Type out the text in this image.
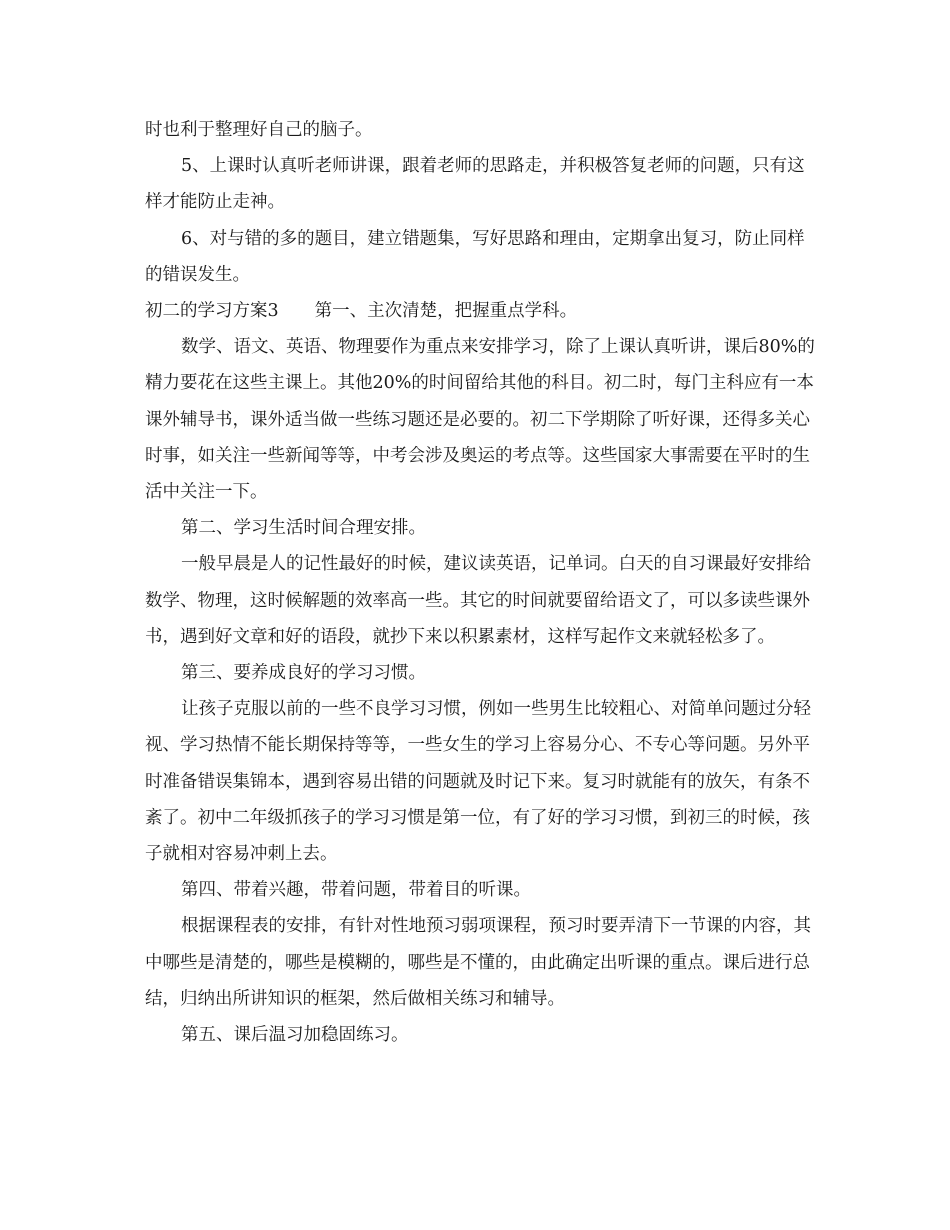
时也利于整理好自己的脑子。

5、上课时认真听老师讲课，跟着老师的思路走，并积极答复老师的问题，只有这样才能防止走神。

6、对与错的多的题目，建立错题集，写好思路和理由，定期拿出复习，防止同样的错误发生。

初二的学习方案3 第一、主次清楚，把握重点学科。

数学、语文、英语、物理要作为重点来安排学习，除了上课认真听讲，课后80%的精力要花在这些主课上。其他20%的时间留给其他的科目。初二时，每门主科应有一本课外辅导书，课外适当做一些练习题还是必要的。初二下学期除了听好课，还得多关心时事，如关注一些新闻等等，中考会涉及奥运的考点等。这些国家大事需要在平时的生活中关注一下。

第二、学习生活时间合理安排。

一般早晨是人的记性最好的时候，建议读英语，记单词。白天的自习课最好安排给数学、物理，这时候解题的效率高一些。其它的时间就要留给语文了，可以多读些课外书，遇到好文章和好的语段，就抄下来以积累素材，这样写起作文来就轻松多了。

第三、要养成良好的学习习惯。

让孩子克服以前的一些不良学习习惯，例如一些男生比较粗心、对简单问题过分轻视、学习热情不能长期保持等等，一些女生的学习上容易分心、不专心等问题。另外平时准备错误集锦本，遇到容易出错的问题就及时记下来。复习时就能有的放矢，有条不紊了。初中二年级抓孩子的学习习惯是第一位，有了好的学习习惯，到初三的时候，孩子就相对容易冲刺上去。

第四、带着兴趣，带着问题，带着目的听课。

根据课程表的安排，有针对性地预习弱项课程，预习时要弄清下一节课的内容，其中哪些是清楚的，哪些是模糊的，哪些是不懂的，由此确定出听课的重点。课后进行总结，归纳出所讲知识的框架，然后做相关练习和辅导。

第五、课后温习加稳固练习。
